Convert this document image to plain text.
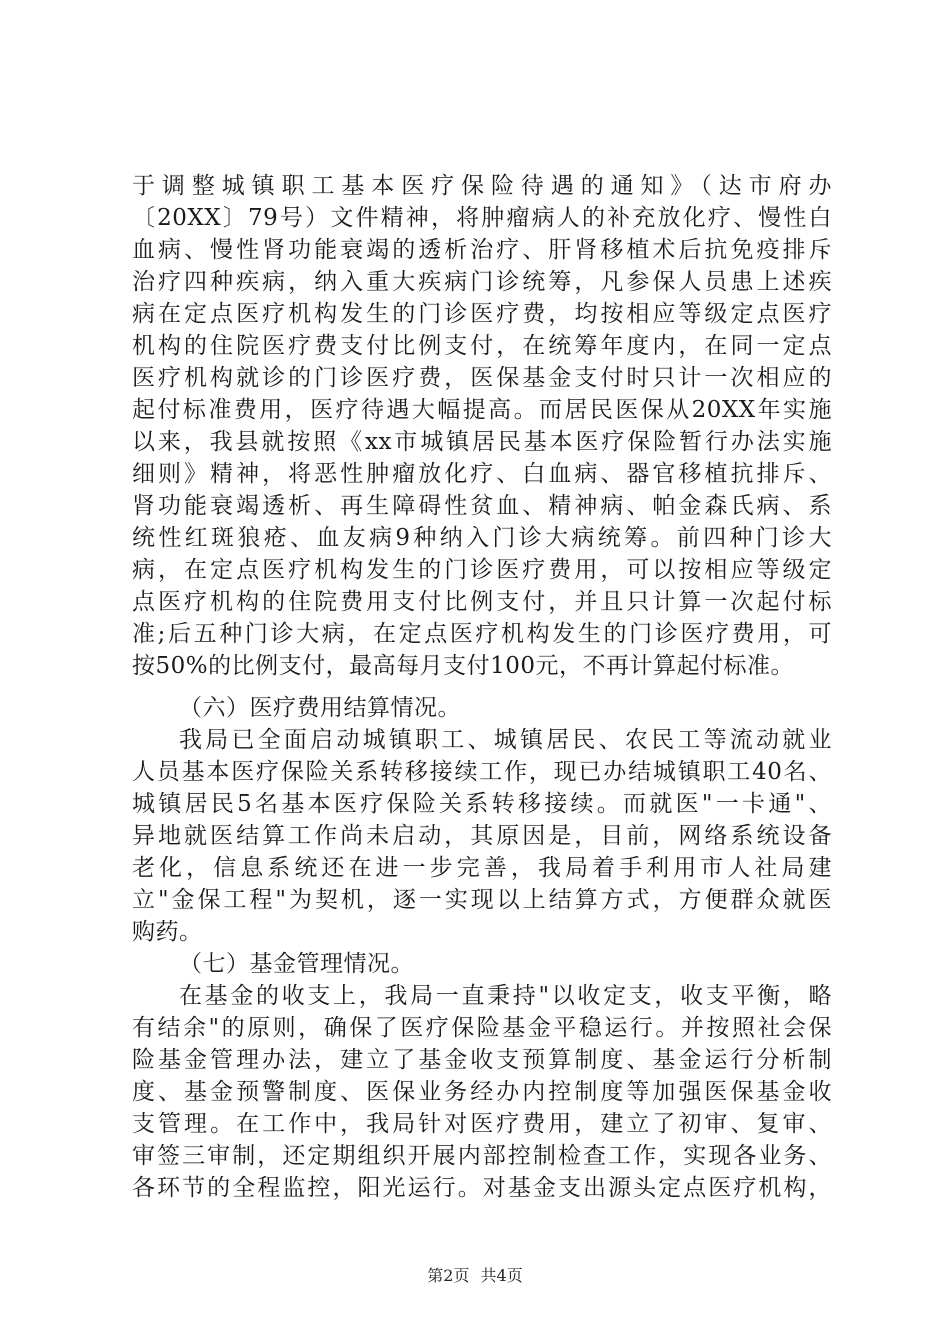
于调整城镇职工基本医疗保险待遇的通知》（达市府办
〔20XX〕79号）文件精神，将肿瘤病人的补充放化疗、慢性白
血病、慢性肾功能衰竭的透析治疗、肝肾移植术后抗免疫排斥
治疗四种疾病，纳入重大疾病门诊统筹，凡参保人员患上述疾
病在定点医疗机构发生的门诊医疗费，均按相应等级定点医疗
机构的住院医疗费支付比例支付，在统筹年度内，在同一定点
医疗机构就诊的门诊医疗费，医保基金支付时只计一次相应的
起付标准费用，医疗待遇大幅提高。而居民医保从20XX年实施
以来，我县就按照《xx市城镇居民基本医疗保险暂行办法实施
细则》精神，将恶性肿瘤放化疗、白血病、器官移植抗排斥、
肾功能衰竭透析、再生障碍性贫血、精神病、帕金森氏病、系
统性红斑狼疮、血友病9种纳入门诊大病统筹。前四种门诊大
病，在定点医疗机构发生的门诊医疗费用，可以按相应等级定
点医疗机构的住院费用支付比例支付，并且只计算一次起付标
准;后五种门诊大病，在定点医疗机构发生的门诊医疗费用，可
按50%的比例支付，最高每月支付100元，不再计算起付标准。
（六）医疗费用结算情况。
我局已全面启动城镇职工、城镇居民、农民工等流动就业
人员基本医疗保险关系转移接续工作，现已办结城镇职工40名、
城镇居民5名基本医疗保险关系转移接续。而就医"一卡通"、
异地就医结算工作尚未启动，其原因是，目前，网络系统设备
老化，信息系统还在进一步完善，我局着手利用市人社局建
立"金保工程"为契机，逐一实现以上结算方式，方便群众就医
购药。
（七）基金管理情况。
在基金的收支上，我局一直秉持"以收定支，收支平衡，略
有结余"的原则，确保了医疗保险基金平稳运行。并按照社会保
险基金管理办法，建立了基金收支预算制度、基金运行分析制
度、基金预警制度、医保业务经办内控制度等加强医保基金收
支管理。在工作中，我局针对医疗费用，建立了初审、复审、
审签三审制，还定期组织开展内部控制检查工作，实现各业务、
各环节的全程监控，阳光运行。对基金支出源头定点医疗机构，
第2页 共4页
